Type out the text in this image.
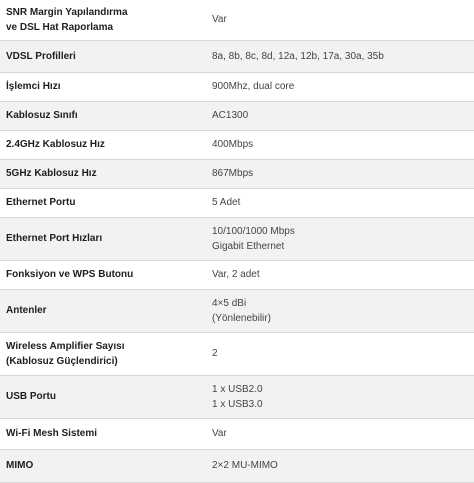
SNR Margin Yapılandırma
ve DSL Hat Raporlama	Var

VDSL Profilleri	8a, 8b, 8c, 8d, 12a, 12b, 17a, 30a, 35b

İşlemci Hızı	900Mhz, dual core

Kablosuz Sınıfı	AC1300

2.4GHz Kablosuz Hız	400Mbps

5GHz Kablosuz Hız	867Mbps

Ethernet Portu	5 Adet

Ethernet Port Hızları	10/100/1000 Mbps
Gigabit Ethernet

Fonksiyon ve WPS Butonu	Var, 2 adet

Antenler	4×5 dBi
(Yönlenebilir)

Wireless Amplifier Sayısı
(Kablosuz Güçlendirici)	2

USB Portu	1 x USB2.0
1 x USB3.0

Wi-Fi Mesh Sistemi	Var

MIMO	2×2 MU-MIMO
